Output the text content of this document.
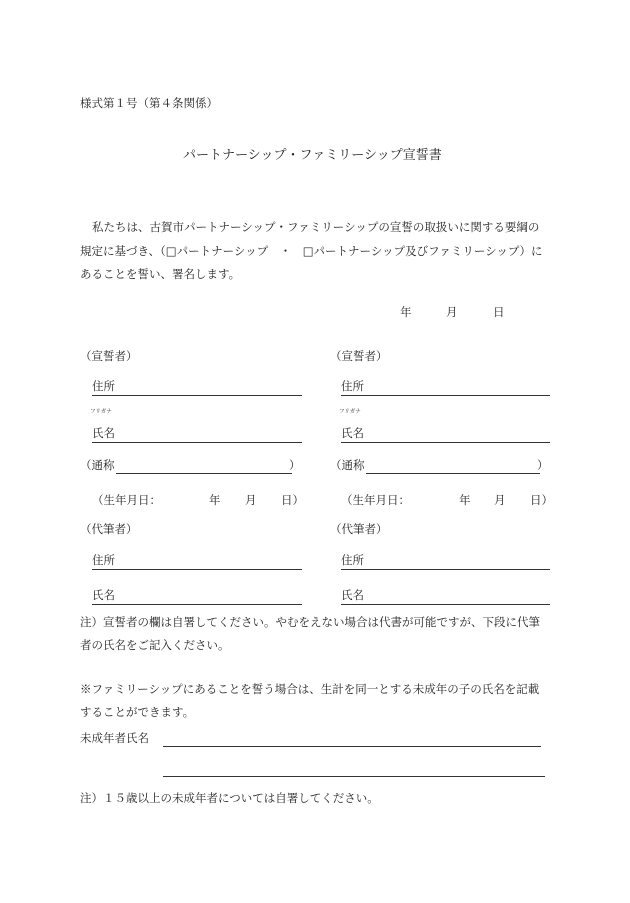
様式第１号（第４条関係）
パートナーシップ・ファミリーシップ宣誓書
私たちは、古賀市パートナーシップ・ファミリーシップの宣誓の取扱いに関する要綱の
規定に基づき、（□パートナーシップ　・　□パートナーシップ及びファミリーシップ）に
あることを誓い、署名します。
年	月	日
（宣誓者）
住所
フリガナ
氏名
（通称	）
（生年月日：	年 月 日）
（代筆者）
住所
氏名
（宣誓者）
住所
フリガナ
氏名
（通称	）
（生年月日：	年 月 日）
（代筆者）
住所
氏名
注）宣誓者の欄は自署してください。やむをえない場合は代書が可能ですが、下段に代筆
者の氏名をご記入ください。
※ファミリーシップにあることを誓う場合は、生計を同一とする未成年の子の氏名を記載
することができます。
未成年者氏名
注）１５歳以上の未成年者については自署してください。
